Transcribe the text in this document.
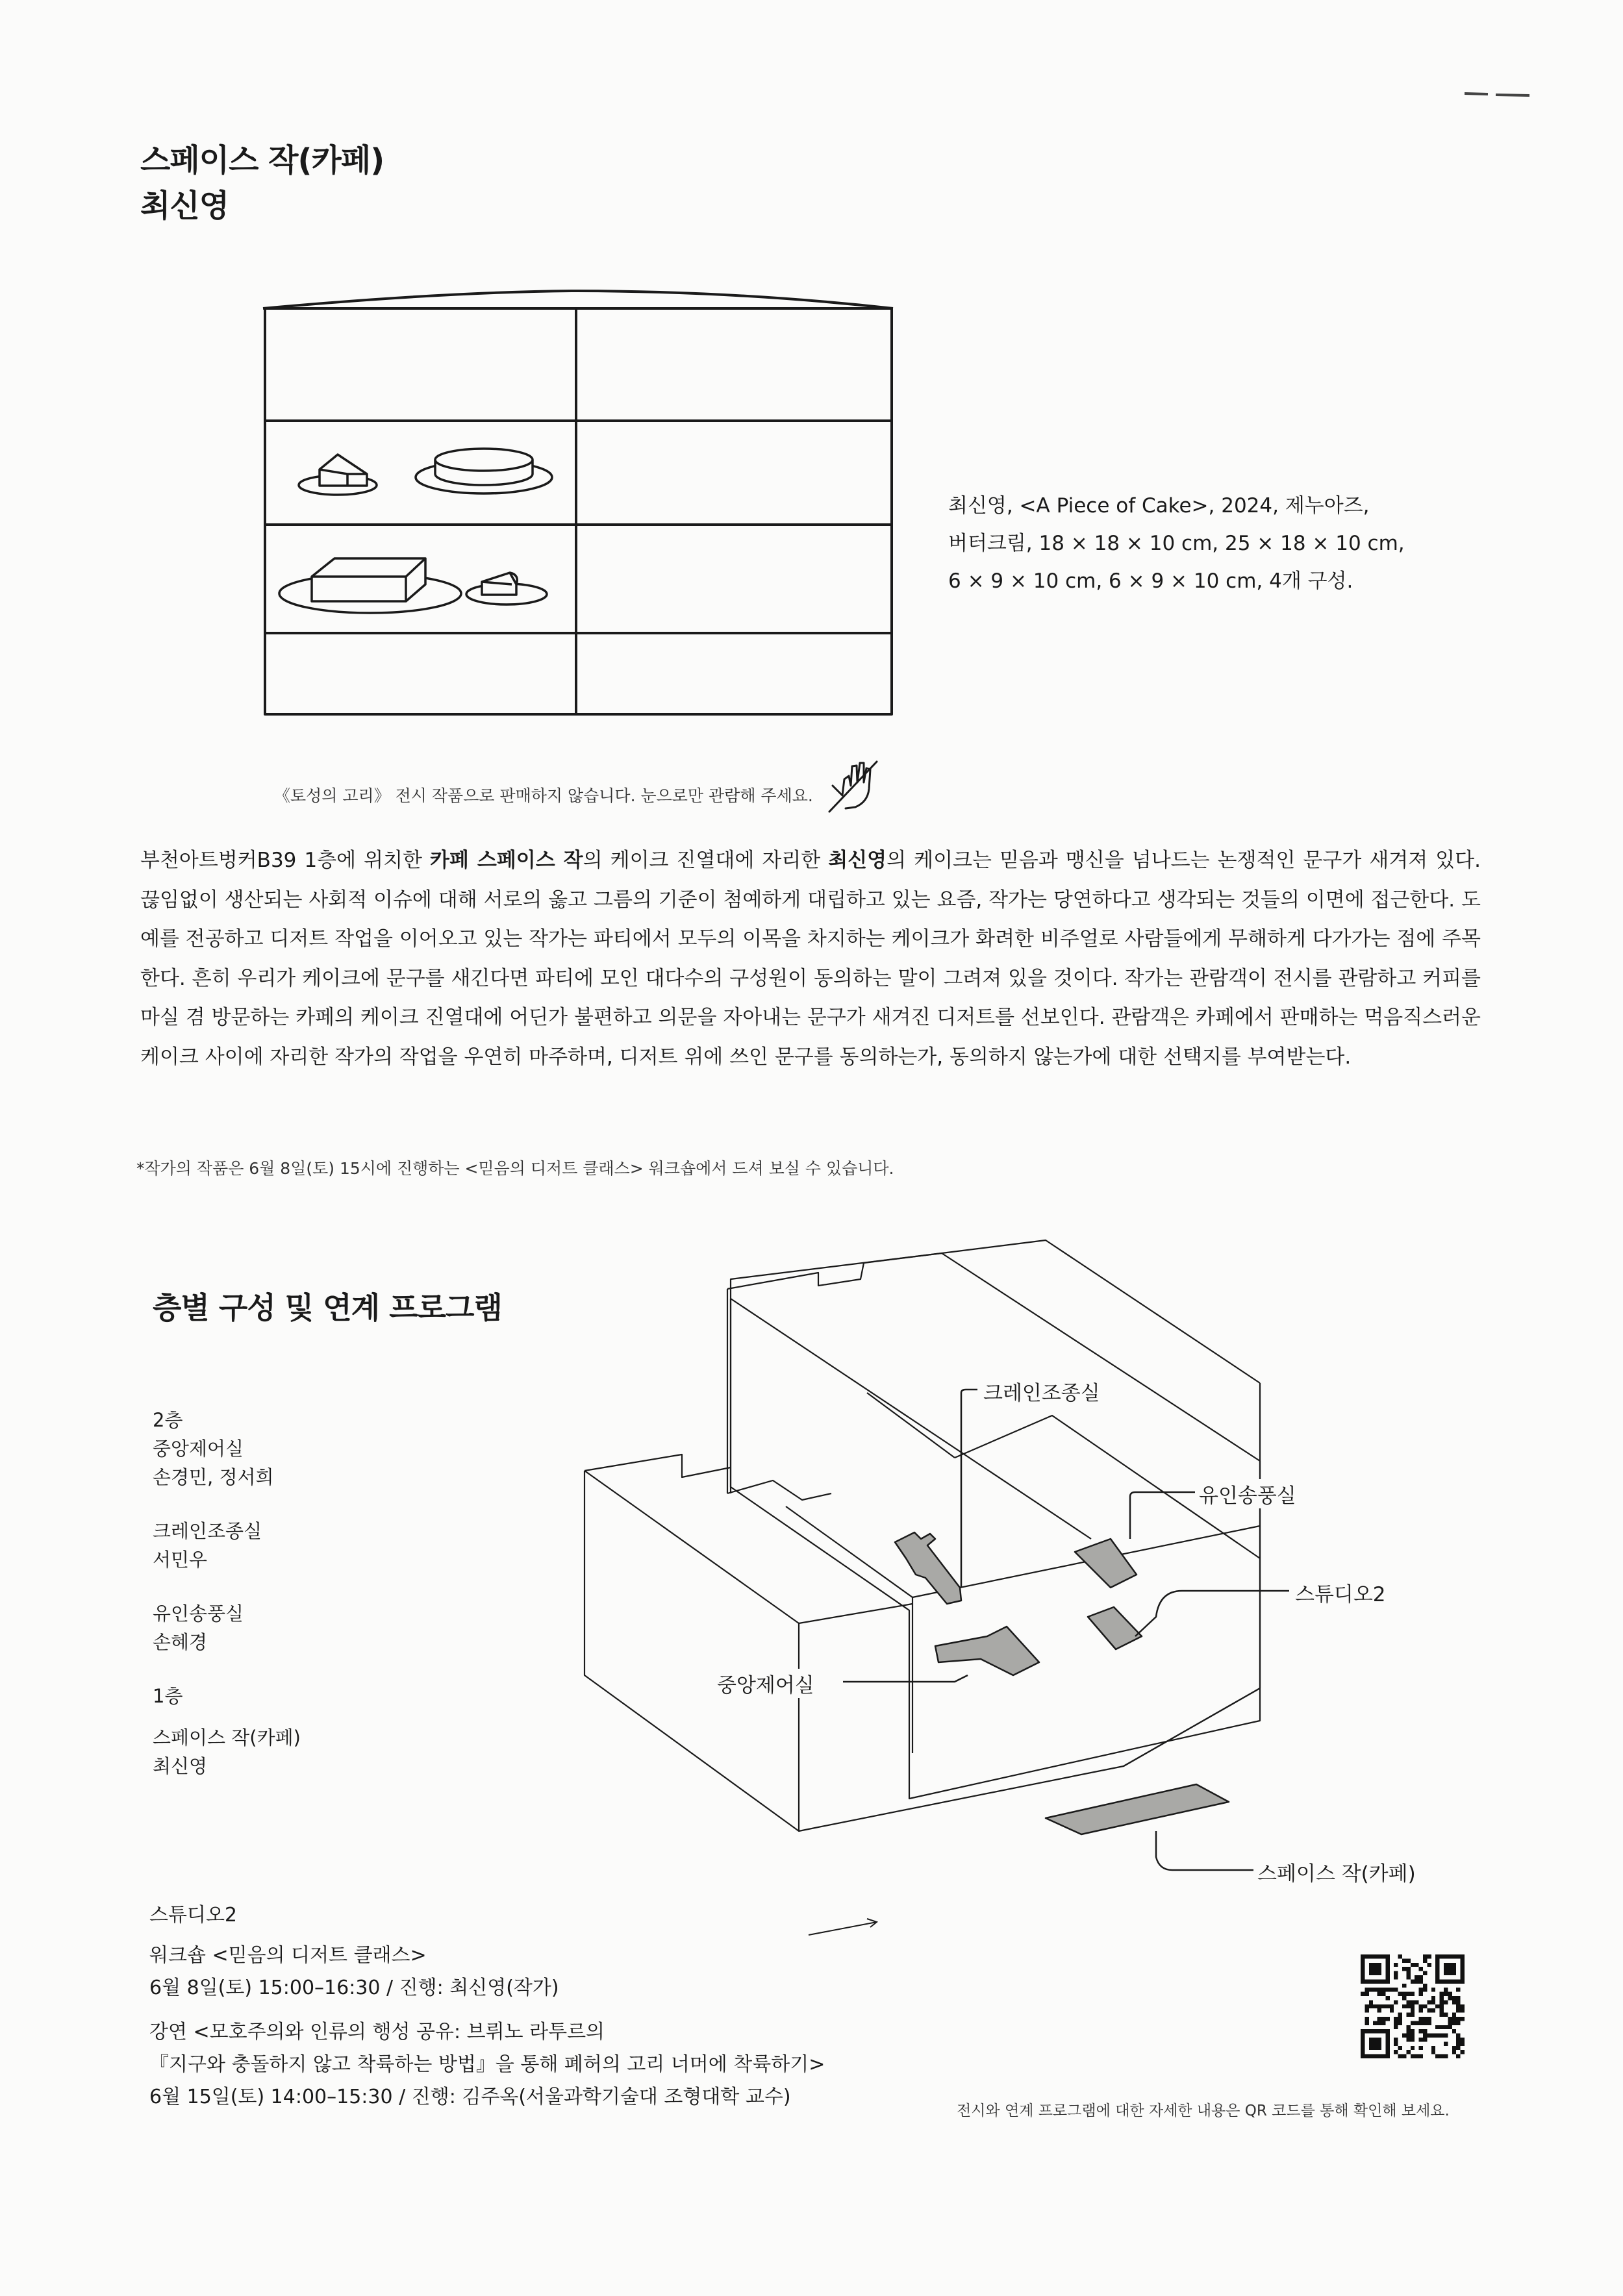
스페이스 작(카페)
최신영
최신영, <A Piece of Cake>, 2024, 제누아즈,
버터크림, 18 × 18 × 10 cm, 25 × 18 × 10 cm,
6 × 9 × 10 cm, 6 × 9 × 10 cm, 4개 구성.
《토성의 고리》 전시 작품으로 판매하지 않습니다. 눈으로만 관람해 주세요.

부천아트벙커B39 1층에 위치한 카페 스페이스 작의 케이크 진열대에 자리한 최신영의 케이크는 믿음과 맹신을 넘나드는 논쟁적인 문구가 새겨져 있다. 끊임없이 생산되는 사회적 이슈에 대해 서로의 옳고 그름의 기준이 첨예하게 대립하고 있는 요즘, 작가는 당연하다고 생각되는 것들의 이면에 접근한다. 도예를 전공하고 디저트 작업을 이어오고 있는 작가는 파티에서 모두의 이목을 차지하는 케이크가 화려한 비주얼로 사람들에게 무해하게 다가가는 점에 주목한다. 흔히 우리가 케이크에 문구를 새긴다면 파티에 모인 대다수의 구성원이 동의하는 말이 그려져 있을 것이다. 작가는 관람객이 전시를 관람하고 커피를 마실 겸 방문하는 카페의 케이크 진열대에 어딘가 불편하고 의문을 자아내는 문구가 새겨진 디저트를 선보인다. 관람객은 카페에서 판매하는 먹음직스러운 케이크 사이에 자리한 작가의 작업을 우연히 마주하며, 디저트 위에 쓰인 문구를 동의하는가, 동의하지 않는가에 대한 선택지를 부여받는다.

*작가의 작품은 6월 8일(토) 15시에 진행하는 <믿음의 디저트 클래스> 워크숍에서 드셔 보실 수 있습니다.
층별 구성 및 연계 프로그램
2층
중앙제어실
손경민, 정서희
크레인조종실
서민우
유인송풍실
손혜경
1층
스페이스 작(카페)
최신영
크레인조종실
유인송풍실
스튜디오2
중앙제어실
스페이스 작(카페)
스튜디오2
워크숍 <믿음의 디저트 클래스>
6월 8일(토) 15:00–16:30 / 진행: 최신영(작가)
강연 <모호주의와 인류의 행성 공유: 브뤼노 라투르의
『지구와 충돌하지 않고 착륙하는 방법』을 통해 폐허의 고리 너머에 착륙하기>
6월 15일(토) 14:00–15:30 / 진행: 김주옥(서울과학기술대 조형대학 교수)
전시와 연계 프로그램에 대한 자세한 내용은 QR 코드를 통해 확인해 보세요.
